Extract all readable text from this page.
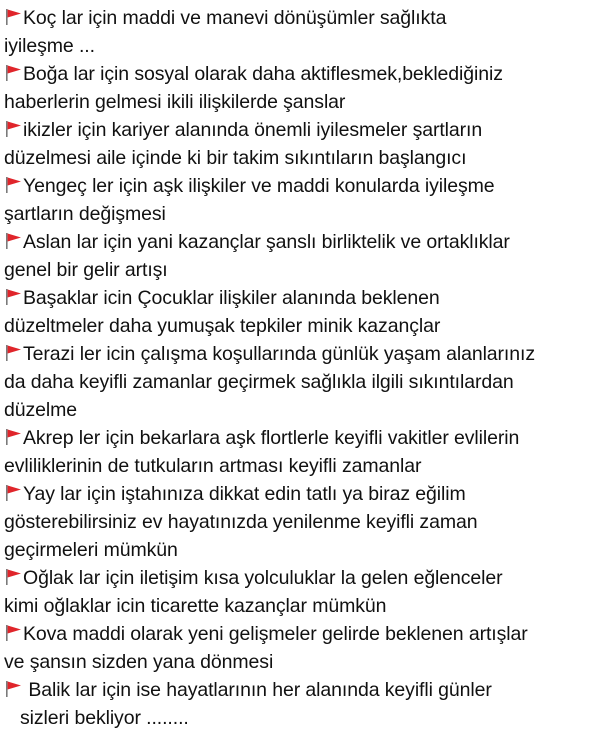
Koç lar için maddi ve manevi dönüşümler sağlıkta
iyileşme ...

Boğa lar için sosyal olarak daha aktiflesmek,beklediğiniz
haberlerin gelmesi ikili ilişkilerde şanslar

ikizler için kariyer alanında önemli iyilesmeler şartların
düzelmesi aile içinde ki bir takim sıkıntıların başlangıcı

Yengeç ler için aşk ilişkiler ve maddi konularda iyileşme
şartların değişmesi

Aslan lar için yani kazançlar şanslı birliktelik ve ortaklıklar
genel bir gelir artışı

Başaklar icin Çocuklar ilişkiler alanında beklenen
düzeltmeler daha yumuşak tepkiler minik kazançlar

Terazi ler icin çalışma koşullarında günlük yaşam alanlarınız
da daha keyifli zamanlar geçirmek sağlıkla ilgili sıkıntılardan
düzelme

Akrep ler için bekarlara aşk flortlerle keyifli vakitler evlilerin
evliliklerinin de tutkuların artması keyifli zamanlar

Yay lar için iştahınıza dikkat edin tatlı ya biraz eğilim
gösterebilirsiniz ev hayatınızda yenilenme keyifli zaman
geçirmeleri mümkün

Oğlak lar için iletişim kısa yolculuklar la gelen eğlenceler
kimi oğlaklar icin ticarette kazançlar mümkün

Kova maddi olarak yeni gelişmeler gelirde beklenen artışlar
ve şansın sizden yana dönmesi

Balik lar için ise hayatlarının her alanında keyifli günler
sizleri bekliyor ........
